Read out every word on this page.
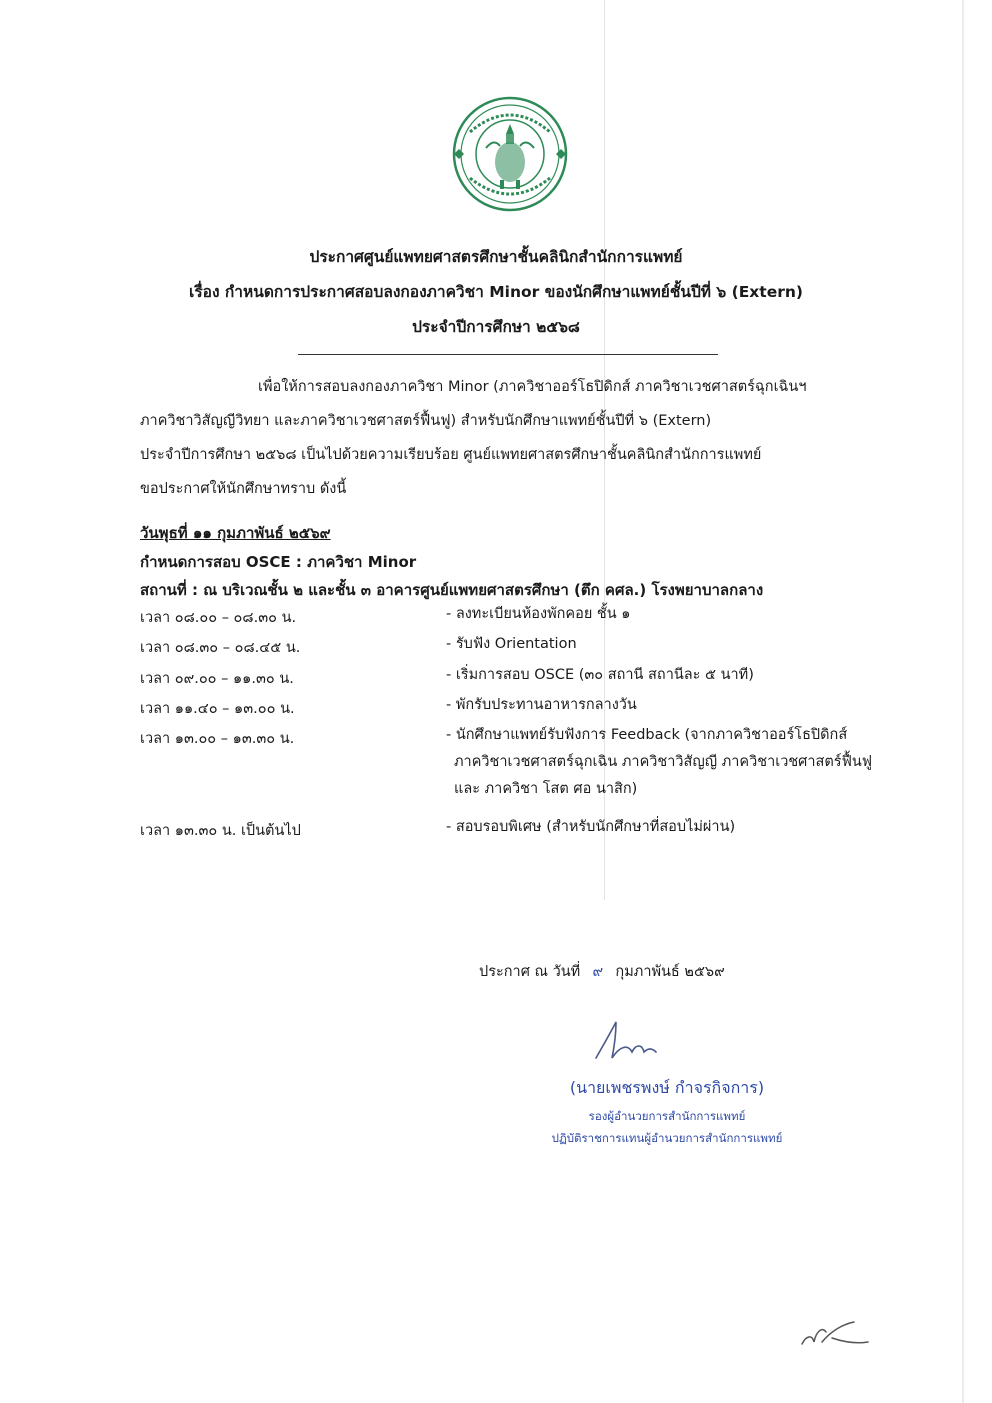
ประกาศศูนย์แพทยศาสตรศึกษาชั้นคลินิกสำนักการแพทย์
เรื่อง กำหนดการประกาศสอบลงกองภาควิชา Minor ของนักศึกษาแพทย์ชั้นปีที่ ๖ (Extern)
ประจำปีการศึกษา ๒๕๖๘

เพื่อให้การสอบลงกองภาควิชา Minor (ภาควิชาออร์โธปิดิกส์ ภาควิชาเวชศาสตร์ฉุกเฉินฯ

ภาควิชาวิสัญญีวิทยา และภาควิชาเวชศาสตร์ฟื้นฟู) สำหรับนักศึกษาแพทย์ชั้นปีที่ ๖ (Extern)

ประจำปีการศึกษา ๒๕๖๘ เป็นไปด้วยความเรียบร้อย ศูนย์แพทยศาสตรศึกษาชั้นคลินิกสำนักการแพทย์

ขอประกาศให้นักศึกษาทราบ ดังนี้

วันพุธที่ ๑๑ กุมภาพันธ์ ๒๕๖๙
กำหนดการสอบ OSCE : ภาควิชา Minor
สถานที่ : ณ บริเวณชั้น ๒ และชั้น ๓ อาคารศูนย์แพทยศาสตรศึกษา (ตึก คศล.) โรงพยาบาลกลาง
เวลา ๐๘.๐๐ – ๐๘.๓๐ น.	- ลงทะเบียนห้องพักคอย ชั้น ๑
เวลา ๐๘.๓๐ – ๐๘.๔๕ น.	- รับฟัง Orientation
เวลา ๐๙.๐๐ – ๑๑.๓๐ น.	- เริ่มการสอบ OSCE (๓๐ สถานี สถานีละ ๕ นาที)
เวลา ๑๑.๔๐ – ๑๓.๐๐ น.	- พักรับประทานอาหารกลางวัน
เวลา ๑๓.๐๐ – ๑๓.๓๐ น.	- นักศึกษาแพทย์รับฟังการ Feedback (จากภาควิชาออร์โธปิดิกส์
ภาควิชาเวชศาสตร์ฉุกเฉิน ภาควิชาวิสัญญี ภาควิชาเวชศาสตร์ฟื้นฟู
และ ภาควิชา โสต ศอ นาสิก)
เวลา ๑๓.๓๐ น. เป็นต้นไป	- สอบรอบพิเศษ (สำหรับนักศึกษาที่สอบไม่ผ่าน)
ประกาศ ณ วันที่ ๙ กุมภาพันธ์ ๒๕๖๙
(นายเพชรพงษ์ กำจรกิจการ)
รองผู้อำนวยการสำนักการแพทย์
ปฏิบัติราชการแทนผู้อำนวยการสำนักการแพทย์
